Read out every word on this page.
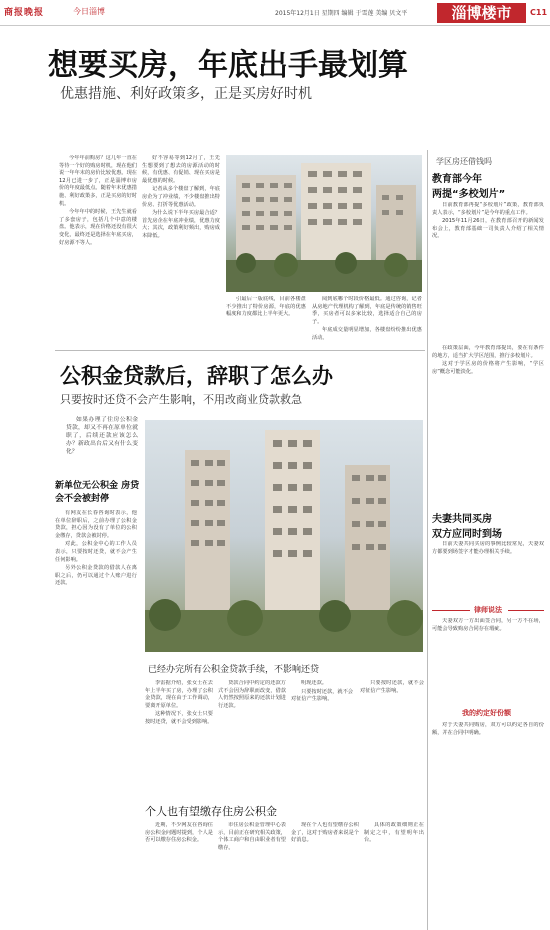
商报晚报	今日淄博	2015年12月1日 星期四 编辑 于雪莲 美编 贝文平	淄博楼市	C11
想要买房，年底出手最划算
优惠措施、利好政策多，正是买房好时机

今年年前购房？这几年一直在等待一个好的购房时机，现在他们说一年年末的房价比较优惠。现在12月已进一步了，正是淄博市房价的年度最低点。随着年末优惠措施、利好政策多，正是买房的好时机。

今年年中的时候，王先生就看了多套房子，包括几个中意的楼盘。他表示，现在价格还没有很大变化，最终还是选择在年底买房，好房源不等人。

好不容易等到12月了，王先生想要到了想去的房源活动的时候，有优惠、有促销、现在买房是最优惠的时候。

记者从多个楼盘了解到，年底房企为了冲业绩，不少楼盘推出特价房、打折等优惠活动。

为什么说下半年买房最合适？首先房企在年底冲业绩，优惠力度大；其次，政策利好频出，购房成本降低。

引最后一版底线，目前各楼盘不少推出了特价房源，年底的优惠幅度和力度都比上半年更大。

阅到底哪个时段价格最低。通过咨询，记者从房地产代理机构了解到，年底是传统的销售旺季，买房者可以多家比较，选择适合自己的房子。

年底成交量明显增加，各楼盘纷纷推出优惠活动。

公积金贷款后，辞职了怎么办
只要按时还贷不会产生影响，不用改商业贷款救急

如果办理了住房公积金贷款，却又不再在原单位就职了，后续还款应该怎么办？新政出台后又有什么变化？

新单位无公积金 房贷会不会被封停

有网友在长春咨询时表示，他在单位辞职后，之前办理了公积金贷款，担心因为没有了单位的公积金缴存，贷款会被封停。

对此，公积金中心的工作人员表示，只要按时还贷，就不会产生任何影响。

另外公积金贷款的借款人在离职之后，仍可以通过个人账户进行还款。

已经办完所有公积金贷款手续，不影响还贷

李雷据介绍，张女士在去年上半年买了房，办理了公积金贷款，现在由于工作调动，要离开原单位。

这种情况下，张女士只要按时还贷，就不会受到影响。

贷款合同中约定的还款方式不会因为辞职而改变，借款人仍然按照原来的还款计划进行还款。

明现还款。

只要按时还款，就不会对征信产生影响。

个人也有望缴存住房公积金

近期，不少网友在咨询住房公积金问题时提到，个人是否可以缴存住房公积金。

市住房公积金管理中心表示，目前正在研究相关政策，个体工商户和自由职业者有望缴存。

现在个人也有望缴存公积金了，这对于购房者来说是个好消息。

具体的政策细则正在制定之中，有望明年出台。

只要按时还款，就不会对征信产生影响。

学区房还借钱吗
教育部今年
两提“多校划片”

日前教育部再提“多校划片”政策，教育部负责人表示，“多校划片”是今年的重点工作。

2015年11月26日，在教育部召开的新闻发布会上，教育部基础一司负责人介绍了相关情况。

在政策层面，今年教育部提出，要在有条件的地方，适当扩大学区范围，推行多校划片。

这对于学区房的价格将产生影响，“学区房”概念可能淡化。

夫妻共同买房
双方应同时到场

日前夫妻共同买房的事例比较常见，夫妻双方都要到场签字才能办理相关手续。

律师说法

夫妻双方一方出面签合同，另一方不在场，可能会导致购房合同存在瑕疵。

我的约定好份额

对于夫妻共同购房，双方可以约定各自的份额，并在合同中明确。
